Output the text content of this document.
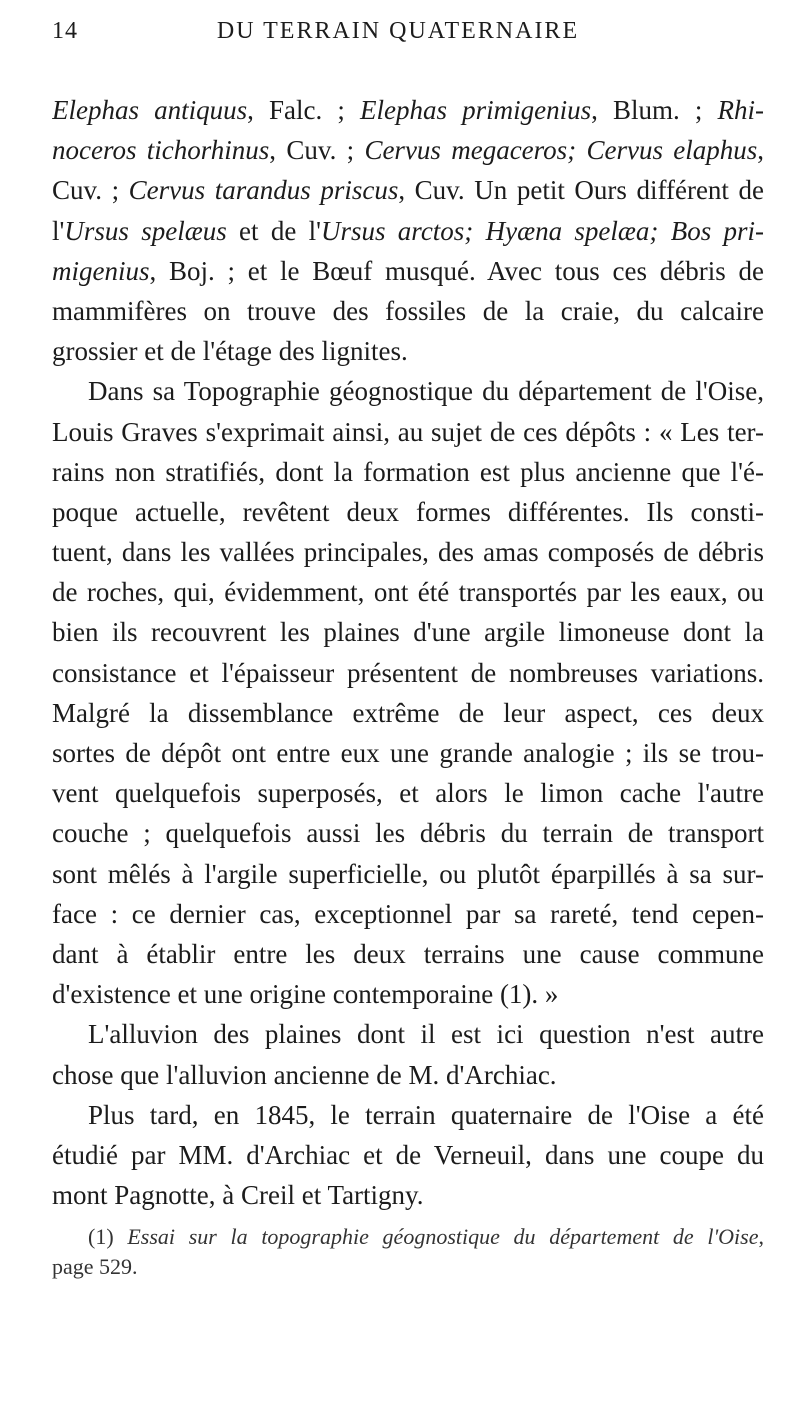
14	DU TERRAIN QUATERNAIRE
Elephas antiquus, Falc. ; Elephas primigenius, Blum. ; Rhi-
noceros tichorhinus, Cuv. ; Cervus megaceros; Cervus elaphus,
Cuv. ; Cervus tarandus priscus, Cuv. Un petit Ours différent de
l'Ursus spelæus et de l'Ursus arctos; Hyæna spelæa; Bos pri-
migenius, Boj. ; et le Bœuf musqué. Avec tous ces débris de
mammifères on trouve des fossiles de la craie, du calcaire
grossier et de l'étage des lignites.
Dans sa Topographie géognostique du département de l'Oise,
Louis Graves s'exprimait ainsi, au sujet de ces dépôts : « Les ter-
rains non stratifiés, dont la formation est plus ancienne que l'é-
poque actuelle, revêtent deux formes différentes. Ils consti-
tuent, dans les vallées principales, des amas composés de débris
de roches, qui, évidemment, ont été transportés par les eaux, ou
bien ils recouvrent les plaines d'une argile limoneuse dont la
consistance et l'épaisseur présentent de nombreuses variations.
Malgré la dissemblance extrême de leur aspect, ces deux
sortes de dépôt ont entre eux une grande analogie ; ils se trou-
vent quelquefois superposés, et alors le limon cache l'autre
couche ; quelquefois aussi les débris du terrain de transport
sont mêlés à l'argile superficielle, ou plutôt éparpillés à sa sur-
face : ce dernier cas, exceptionnel par sa rareté, tend cepen-
dant à établir entre les deux terrains une cause commune
d'existence et une origine contemporaine (1). »
L'alluvion des plaines dont il est ici question n'est autre
chose que l'alluvion ancienne de M. d'Archiac.
Plus tard, en 1845, le terrain quaternaire de l'Oise a été
étudié par MM. d'Archiac et de Verneuil, dans une coupe du
mont Pagnotte, à Creil et Tartigny.
(1) Essai sur la topographie géognostique du département de l'Oise,
page 529.
